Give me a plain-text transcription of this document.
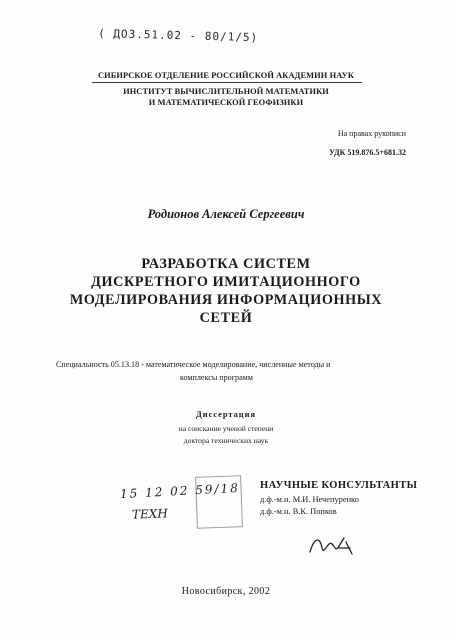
( ДОЗ.51.02 - 80/1/5)
СИБИРСКОЕ ОТДЕЛЕНИЕ РОССИЙСКОЙ АКАДЕМИИ НАУК
ИНСТИТУТ ВЫЧИСЛИТЕЛЬНОЙ МАТЕМАТИКИ
И МАТЕМАТИЧЕСКОЙ ГЕОФИЗИКИ
На правах рукописи
УДК 519.876.5+681.32
Родионов Алексей Сергеевич
РАЗРАБОТКА СИСТЕМ
ДИСКРЕТНОГО ИМИТАЦИОННОГО
МОДЕЛИРОВАНИЯ ИНФОРМАЦИОННЫХ
СЕТЕЙ
Специальность 05.13.18 - математическое моделирование, численные методы и
комплексы программ
Диссертация
на соискание ученой степени
доктора технических наук
15 12 02 59/18
ТЕХН
НАУЧНЫЕ КОНСУЛЬТАНТЫ
д.ф.-м.н. М.И. Нечепуренко
д.ф.-м.н. В.К. Попков
Новосибирск, 2002
